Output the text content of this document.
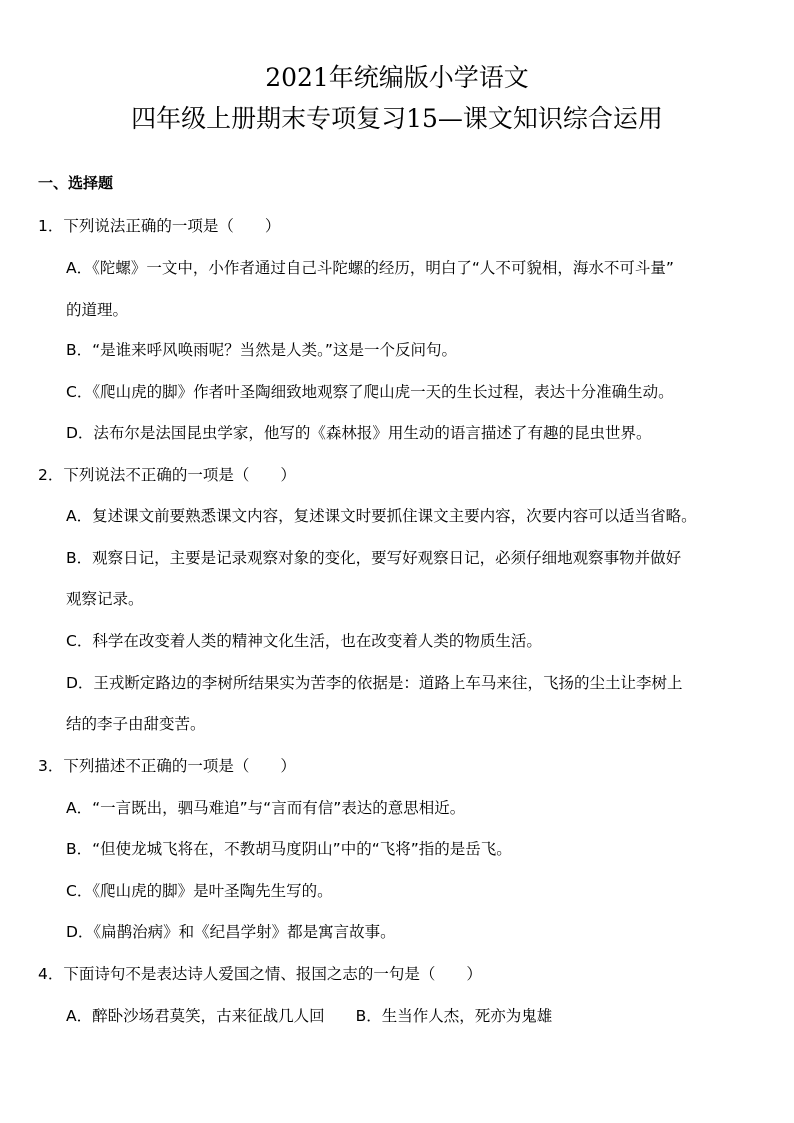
2021年统编版小学语文
四年级上册期末专项复习15—课文知识综合运用
一、选择题
1．下列说法正确的一项是（　　）
A．《陀螺》一文中，小作者通过自己斗陀螺的经历，明白了“人不可貌相，海水不可斗量”
的道理。
B．“是谁来呼风唤雨呢？当然是人类。”这是一个反问句。
C．《爬山虎的脚》作者叶圣陶细致地观察了爬山虎一天的生长过程，表达十分准确生动。
D．法布尔是法国昆虫学家，他写的《森林报》用生动的语言描述了有趣的昆虫世界。
2．下列说法不正确的一项是（　　）
A．复述课文前要熟悉课文内容，复述课文时要抓住课文主要内容，次要内容可以适当省略。
B．观察日记，主要是记录观察对象的变化，要写好观察日记，必须仔细地观察事物并做好
观察记录。
C．科学在改变着人类的精神文化生活，也在改变着人类的物质生活。
D．王戎断定路边的李树所结果实为苦李的依据是：道路上车马来往，飞扬的尘土让李树上
结的李子由甜变苦。
3．下列描述不正确的一项是（　　）
A．“一言既出，驷马难追”与“言而有信”表达的意思相近。
B．“但使龙城飞将在，不教胡马度阴山”中的“飞将”指的是岳飞。
C．《爬山虎的脚》是叶圣陶先生写的。
D．《扁鹊治病》和《纪昌学射》都是寓言故事。
4．下面诗句不是表达诗人爱国之情、报国之志的一句是（　　）
A．醉卧沙场君莫笑，古来征战几人回　　B．生当作人杰，死亦为鬼雄
